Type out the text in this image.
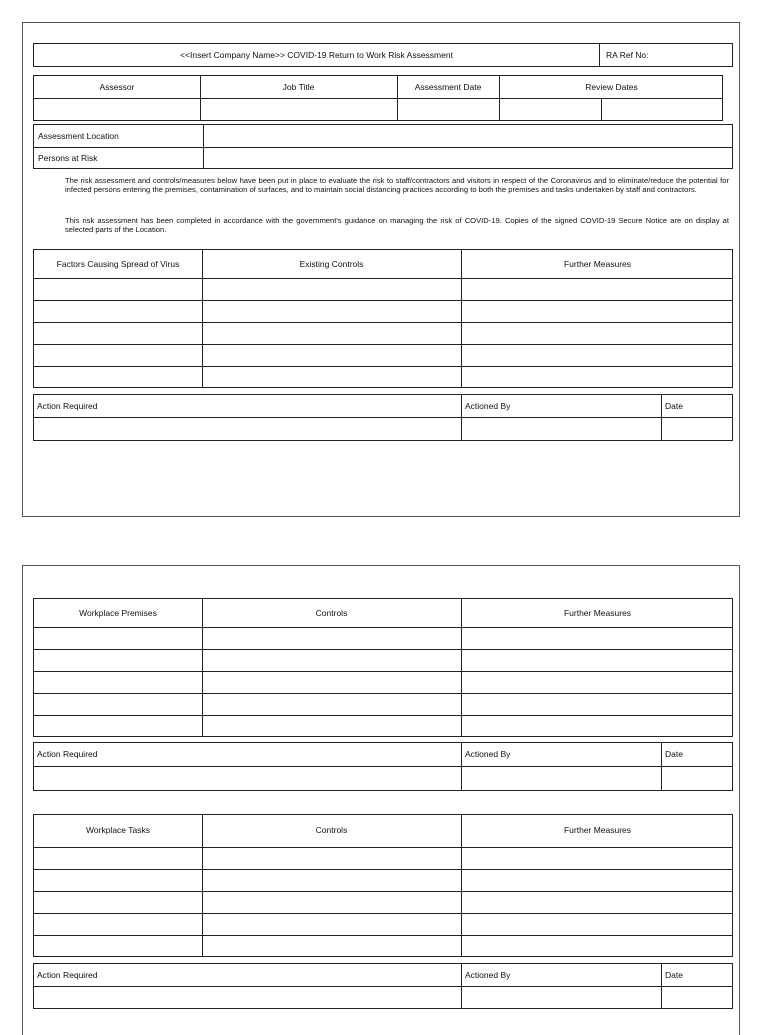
<<Insert Company Name>> COVID-19 Return to Work Risk Assessment	RA Ref No:
Assessor	Job Title	Assessment Date	Review Dates
Assessment Location
Persons at Risk
The risk assessment and controls/measures below have been put in place to evaluate the risk to staff/contractors and visitors in respect of the Coronavirus and to eliminate/reduce the potential for infected persons entering the premises, contamination of surfaces, and to maintain social distancing practices according to both the premises and tasks undertaken by staff and contractors.
This risk assessment has been completed in accordance with the government's guidance on managing the risk of COVID-19. Copies of the signed COVID-19 Secure Notice are on display at selected parts of the Location.
Factors Causing Spread of Virus	Existing Controls	Further Measures
Action Required	Actioned By	Date
Workplace Premises	Controls	Further Measures
Action Required	Actioned By	Date
Workplace Tasks	Controls	Further Measures
Action Required	Actioned By	Date
